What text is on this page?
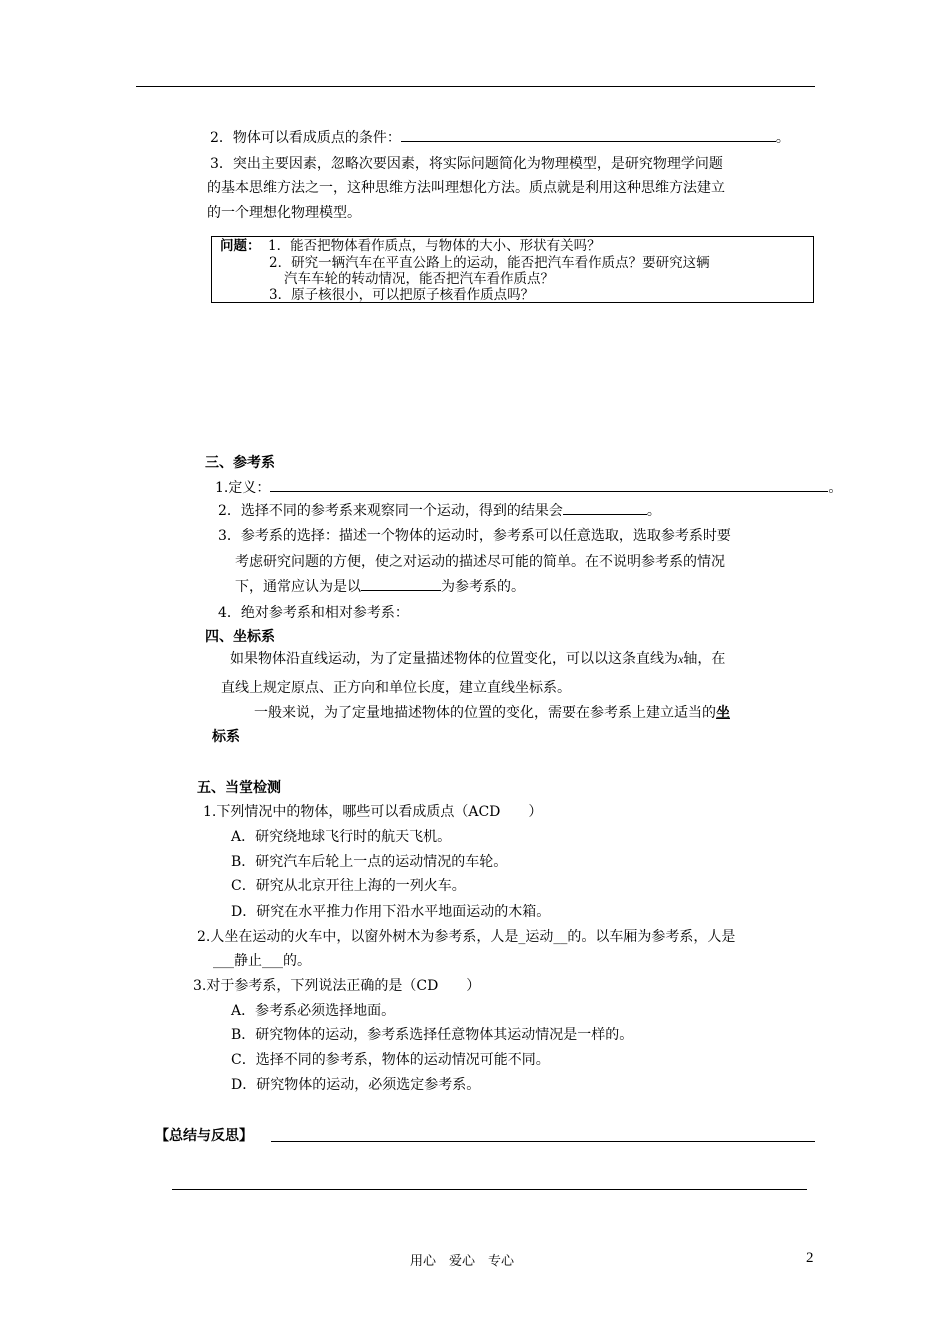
2．物体可以看成质点的条件：	。
3．突出主要因素，忽略次要因素，将实际问题简化为物理模型，是研究物理学问题
的基本思维方法之一，这种思维方法叫理想化方法。质点就是利用这种思维方法建立
的一个理想化物理模型。
问题： 1．能否把物体看作质点，与物体的大小、形状有关吗？
2．研究一辆汽车在平直公路上的运动，能否把汽车看作质点？要研究这辆
汽车车轮的转动情况，能否把汽车看作质点？
3．原子核很小，可以把原子核看作质点吗？
三、参考系
1.定义：	。
2．选择不同的参考系来观察同一个运动，得到的结果会	。
3．参考系的选择：描述一个物体的运动时，参考系可以任意选取，选取参考系时要
考虑研究问题的方便，使之对运动的描述尽可能的简单。在不说明参考系的情况
下，通常应认为是以	为参考系的。
4．绝对参考系和相对参考系：
四、坐标系
如果物体沿直线运动，为了定量描述物体的位置变化，可以以这条直线为x轴，在
直线上规定原点、正方向和单位长度，建立直线坐标系。
一般来说，为了定量地描述物体的位置的变化，需要在参考系上建立适当的坐
标系
五、当堂检测
1.下列情况中的物体，哪些可以看成质点（ACD　　）
A．研究绕地球飞行时的航天飞机。
B．研究汽车后轮上一点的运动情况的车轮。
C．研究从北京开往上海的一列火车。
D．研究在水平推力作用下沿水平地面运动的木箱。
2.人坐在运动的火车中，以窗外树木为参考系，人是_运动__的。以车厢为参考系，人是
___静止___的。
3.对于参考系，下列说法正确的是（CD　　）
A．参考系必须选择地面。
B．研究物体的运动，参考系选择任意物体其运动情况是一样的。
C．选择不同的参考系，物体的运动情况可能不同。
D．研究物体的运动，必须选定参考系。
【总结与反思】
用心　爱心　专心	2
